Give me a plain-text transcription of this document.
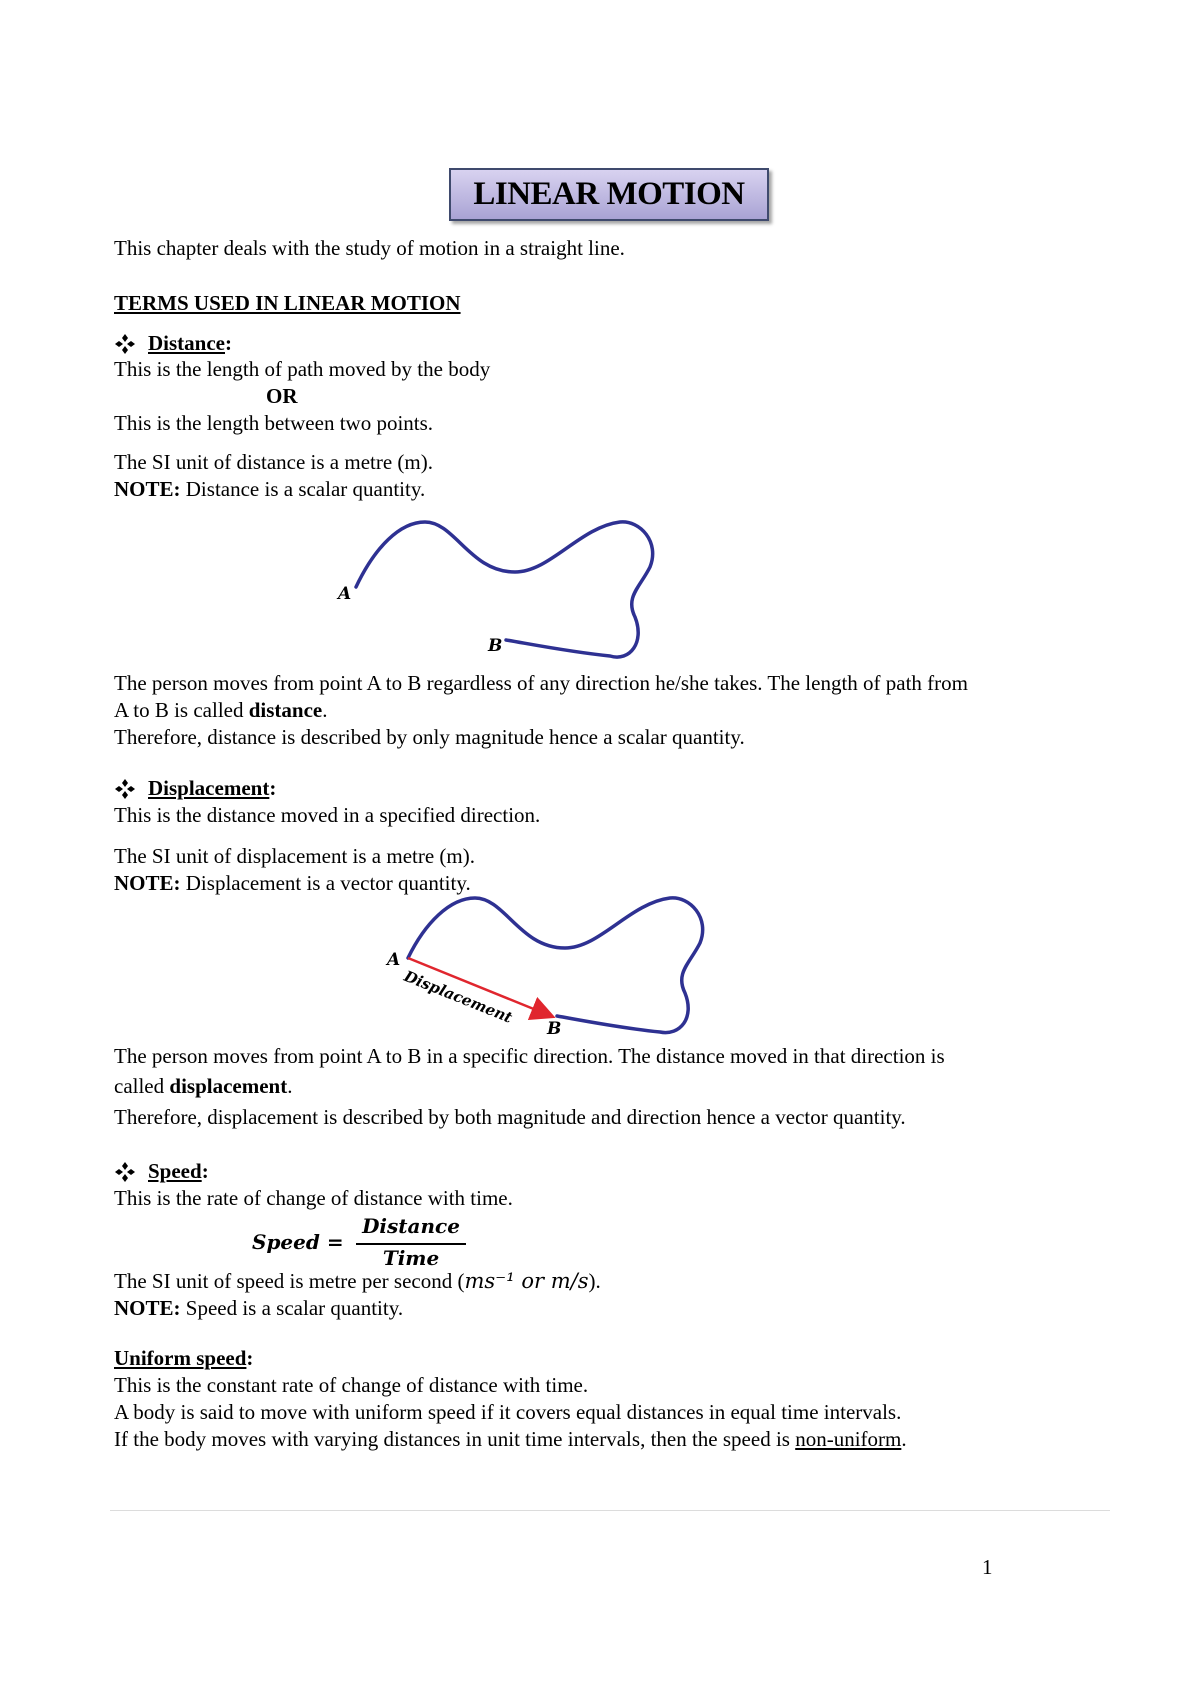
LINEAR MOTION
This chapter deals with the study of motion in a straight line.
TERMS USED IN LINEAR MOTION
Distance:
This is the length of path moved by the body
OR
This is the length between two points.
The SI unit of distance is a metre (m).
NOTE: Distance is a scalar quantity.
A
B
The person moves from point A to B regardless of any direction he/she takes. The length of path from
A to B is called distance.
Therefore, distance is described by only magnitude hence a scalar quantity.
Displacement:
This is the distance moved in a specified direction.
The SI unit of displacement is a metre (m).
NOTE: Displacement is a vector quantity.
A
B
Displacement
The person moves from point A to B in a specific direction. The distance moved in that direction is
called displacement.
Therefore, displacement is described by both magnitude and direction hence a vector quantity.
Speed:
This is the rate of change of distance with time.
Speed =
Distance
Time
The SI unit of speed is metre per second (ms⁻¹ or m/s).
NOTE: Speed is a scalar quantity.
Uniform speed:
This is the constant rate of change of distance with time.
A body is said to move with uniform speed if it covers equal distances in equal time intervals.
If the body moves with varying distances in unit time intervals, then the speed is non-uniform.
1
